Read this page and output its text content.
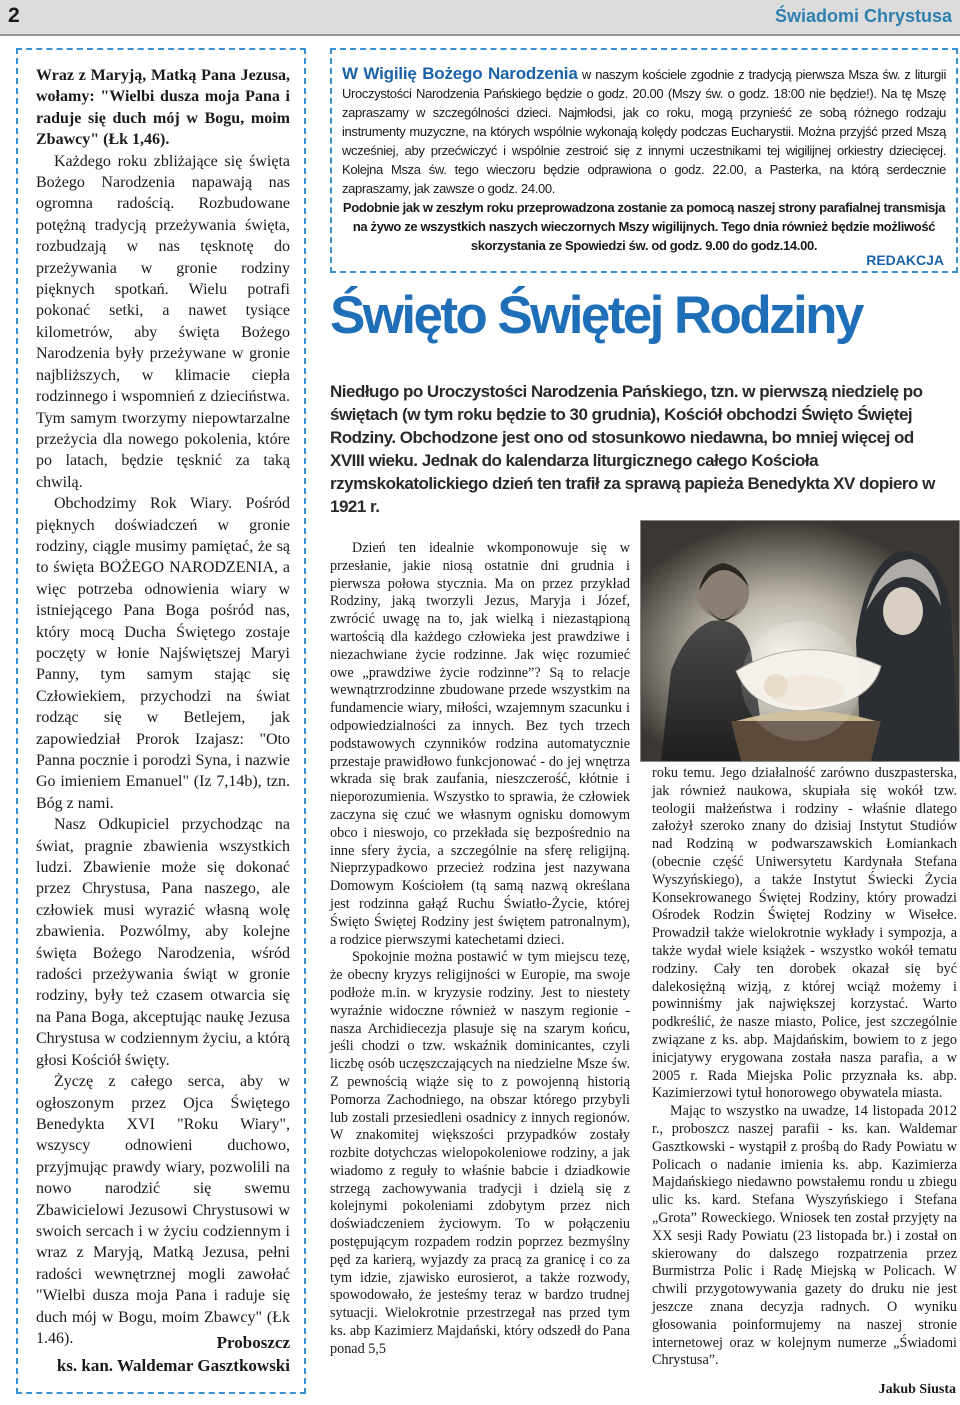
2	Świadomi Chrystusa

Wraz z Maryją, Matką Pana Jezusa, wołamy: "Wielbi dusza moja Pana i raduje się duch mój w Bogu, moim Zbawcy" (Łk 1,46).

Każdego roku zbliżające się święta Bożego Narodzenia napawają nas ogromna radością. Rozbudowane potężną tradycją przeżywania święta, rozbudzają w nas tęsknotę do przeżywania w gronie rodziny pięknych spotkań. Wielu potrafi pokonać setki, a nawet tysiące kilometrów, aby święta Bożego Narodzenia były przeżywane w gronie najbliższych, w klimacie ciepła rodzinnego i wspomnień z dzieciństwa. Tym samym tworzymy niepowtarzalne przeżycia dla nowego pokolenia, które po latach, będzie tęsknić za taką chwilą.

Obchodzimy Rok Wiary. Pośród pięknych doświadczeń w gronie rodziny, ciągle musimy pamiętać, że są to święta BOŻEGO NARODZENIA, a więc potrzeba odnowienia wiary w istniejącego Pana Boga pośród nas, który mocą Ducha Świętego zostaje poczęty w łonie Najświętszej Maryi Panny, tym samym stając się Człowiekiem, przychodzi na świat rodząc się w Betlejem, jak zapowiedział Prorok Izajasz: "Oto Panna pocznie i porodzi Syna, i nazwie Go imieniem Emanuel" (Iz 7,14b), tzn. Bóg z nami.

Nasz Odkupiciel przychodząc na świat, pragnie zbawienia wszystkich ludzi. Zbawienie może się dokonać przez Chrystusa, Pana naszego, ale człowiek musi wyrazić własną wolę zbawienia. Pozwólmy, aby kolejne święta Bożego Narodzenia, wśród radości przeżywania świąt w gronie rodziny, były też czasem otwarcia się na Pana Boga, akceptując naukę Jezusa Chrystusa w codziennym życiu, a którą głosi Kościół święty.

Życzę z całego serca, aby w ogłoszonym przez Ojca Świętego Benedykta XVI "Roku Wiary", wszyscy odnowieni duchowo, przyjmując prawdy wiary, pozwolili na nowo narodzić się swemu Zbawicielowi Jezusowi Chrystusowi w swoich sercach i w życiu codziennym i wraz z Maryją, Matką Jezusa, pełni radości wewnętrznej mogli zawołać "Wielbi dusza moja Pana i raduje się duch mój w Bogu, moim Zbawcy" (Łk 1.46).	Proboszcz
ks. kan. Waldemar Gasztkowski

W Wigilię Bożego Narodzenia w naszym kościele zgodnie z tradycją pierwsza Msza św. z liturgii Uroczystości Narodzenia Pańskiego będzie o godz. 20.00 (Mszy św. o godz. 18:00 nie będzie!). Na tę Mszę zapraszamy w szczególności dzieci. Najmłodsi, jak co roku, mogą przynieść ze sobą różnego rodzaju instrumenty muzyczne, na których wspólnie wykonają kolędy podczas Eucharystii. Można przyjść przed Mszą wcześniej, aby przećwiczyć i wspólnie zestroić się z innymi uczestnikami tej wigilijnej orkiestry dziecięcej. Kolejna Msza św. tego wieczoru będzie odprawiona o godz. 22.00, a Pasterka, na którą serdecznie zapraszamy, jak zawsze o godz. 24.00.

Podobnie jak w zeszłym roku przeprowadzona zostanie za pomocą naszej strony parafialnej transmisja na żywo ze wszystkich naszych wieczornych Mszy wigilijnych. Tego dnia również będzie możliwość skorzystania ze Spowiedzi św. od godz. 9.00 do godz.14.00.

REDAKCJA
Święto Świętej Rodziny
Niedługo po Uroczystości Narodzenia Pańskiego, tzn. w pierwszą niedzielę po świętach (w tym roku będzie to 30 grudnia), Kościół obchodzi Święto Świętej Rodziny. Obchodzone jest ono od stosunkowo niedawna, bo mniej więcej od XVIII wieku. Jednak do kalendarza liturgicznego całego Kościoła rzymskokatolickiego dzień ten trafił za sprawą papieża Benedykta XV dopiero w 1921 r.

Dzień ten idealnie wkomponowuje się w przesłanie, jakie niosą ostatnie dni grudnia i pierwsza połowa stycznia. Ma on przez przykład Rodziny, jaką tworzyli Jezus, Maryja i Józef, zwrócić uwagę na to, jak wielką i niezastąpioną wartością dla każdego człowieka jest prawdziwe i niezachwiane życie rodzinne. Jak więc rozumieć owe „prawdziwe życie rodzinne”? Są to relacje wewnątrzrodzinne zbudowane przede wszystkim na fundamencie wiary, miłości, wzajemnym szacunku i odpowiedzialności za innych. Bez tych trzech podstawowych czynników rodzina automatycznie przestaje prawidłowo funkcjonować - do jej wnętrza wkrada się brak zaufania, nieszczerość, kłótnie i nieporozumienia. Wszystko to sprawia, że człowiek zaczyna się czuć we własnym ognisku domowym obco i nieswojo, co przekłada się bezpośrednio na inne sfery życia, a szczególnie na sferę religijną. Nieprzypadkowo przecież rodzina jest nazywana Domowym Kościołem (tą samą nazwą określana jest rodzinna gałąź Ruchu Światło-Życie, której Święto Świętej Rodziny jest świętem patronalnym), a rodzice pierwszymi katechetami dzieci.

Spokojnie można postawić w tym miejscu tezę, że obecny kryzys religijności w Europie, ma swoje podłoże m.in. w kryzysie rodziny. Jest to niestety wyraźnie widoczne również w naszym regionie - nasza Archidiecezja plasuje się na szarym końcu, jeśli chodzi o tzw. wskaźnik dominicantes, czyli liczbę osób uczęszczających na niedzielne Msze św. Z pewnością wiąże się to z powojenną historią Pomorza Zachodniego, na obszar którego przybyli lub zostali przesiedleni osadnicy z innych regionów. W znakomitej większości przypadków zostały rozbite dotychczas wielopokoleniowe rodziny, a jak wiadomo z reguły to właśnie babcie i dziadkowie strzegą zachowywania tradycji i dzielą się z kolejnymi pokoleniami zdobytym przez nich doświadczeniem życiowym. To w połączeniu postępującym rozpadem rodzin poprzez bezmyślny pęd za karierą, wyjazdy za pracą za granicę i co za tym idzie, zjawisko eurosierot, a także rozwody, spowodowało, że jesteśmy teraz w bardzo trudnej sytuacji. Wielokrotnie przestrzegał nas przed tym ks. abp Kazimierz Majdański, który odszedł do Pana ponad 5,5

roku temu. Jego działalność zarówno duszpasterska, jak również naukowa, skupiała się wokół tzw. teologii małżeństwa i rodziny - właśnie dlatego założył szeroko znany do dzisiaj Instytut Studiów nad Rodziną w podwarszawskich Łomiankach (obecnie część Uniwersytetu Kardynała Stefana Wyszyńskiego), a także Instytut Świecki Życia Konsekrowanego Świętej Rodziny, który prowadzi Ośrodek Rodzin Świętej Rodziny w Wisełce. Prowadził także wielokrotnie wykłady i sympozja, a także wydał wiele książek - wszystko wokół tematu rodziny. Cały ten dorobek okazał się być dalekosiężną wizją, z której wciąż możemy i powinniśmy jak największej korzystać. Warto podkreślić, że nasze miasto, Police, jest szczególnie związane z ks. abp. Majdańskim, bowiem to z jego inicjatywy erygowana została nasza parafia, a w 2005 r. Rada Miejska Polic przyznała ks. abp. Kazimierzowi tytuł honorowego obywatela miasta.

Mając to wszystko na uwadze, 14 listopada 2012 r., proboszcz naszej parafii - ks. kan. Waldemar Gasztkowski - wystąpił z prośbą do Rady Powiatu w Policach o nadanie imienia ks. abp. Kazimierza Majdańskiego niedawno powstałemu rondu u zbiegu ulic ks. kard. Stefana Wyszyńskiego i Stefana „Grota” Roweckiego. Wniosek ten został przyjęty na XX sesji Rady Powiatu (23 listopada br.) i został on skierowany do dalszego rozpatrzenia przez Burmistrza Polic i Radę Miejską w Policach. W chwili przygotowywania gazety do druku nie jest jeszcze znana decyzja radnych. O wyniku głosowania poinformujemy na naszej stronie internetowej oraz w kolejnym numerze „Świadomi Chrystusa”.

Jakub Siusta
